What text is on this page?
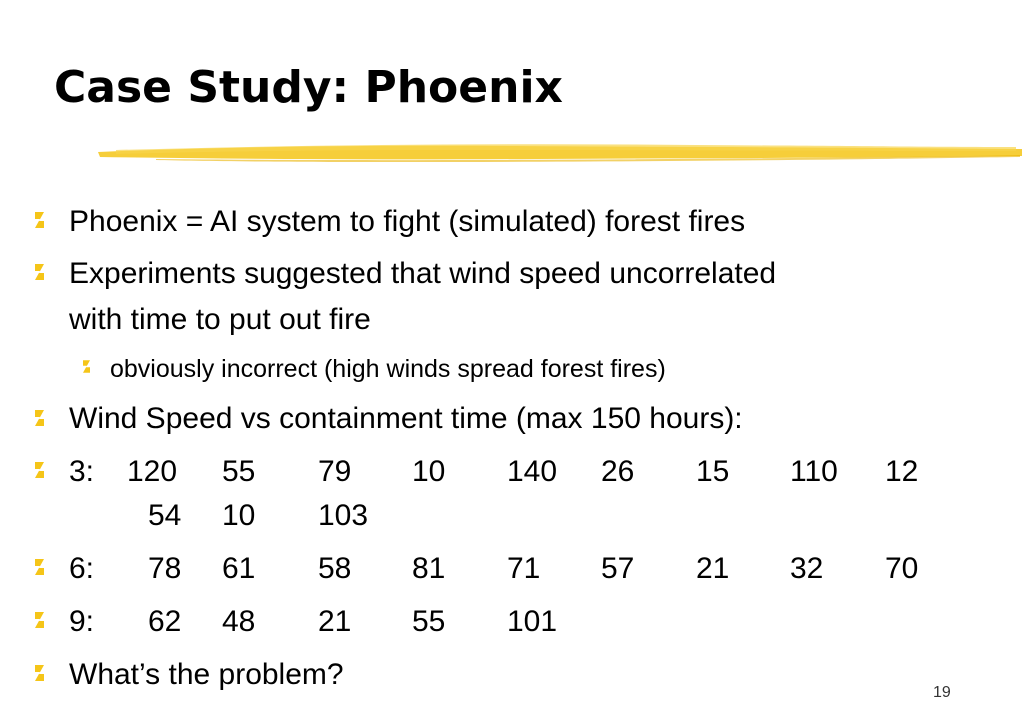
Case Study: Phoenix
Phoenix = AI system to fight (simulated) forest fires
Experiments suggested that wind speed uncorrelated
with time to put out fire
obviously incorrect (high winds spread forest fires)
Wind Speed vs containment time (max 150 hours):
3: 120 55 79 10 140 26 15 110 12
54 10 103
6: 78 61 58 81 71 57 21 32 70
9: 62 48 21 55 101
What’s the problem?
19
